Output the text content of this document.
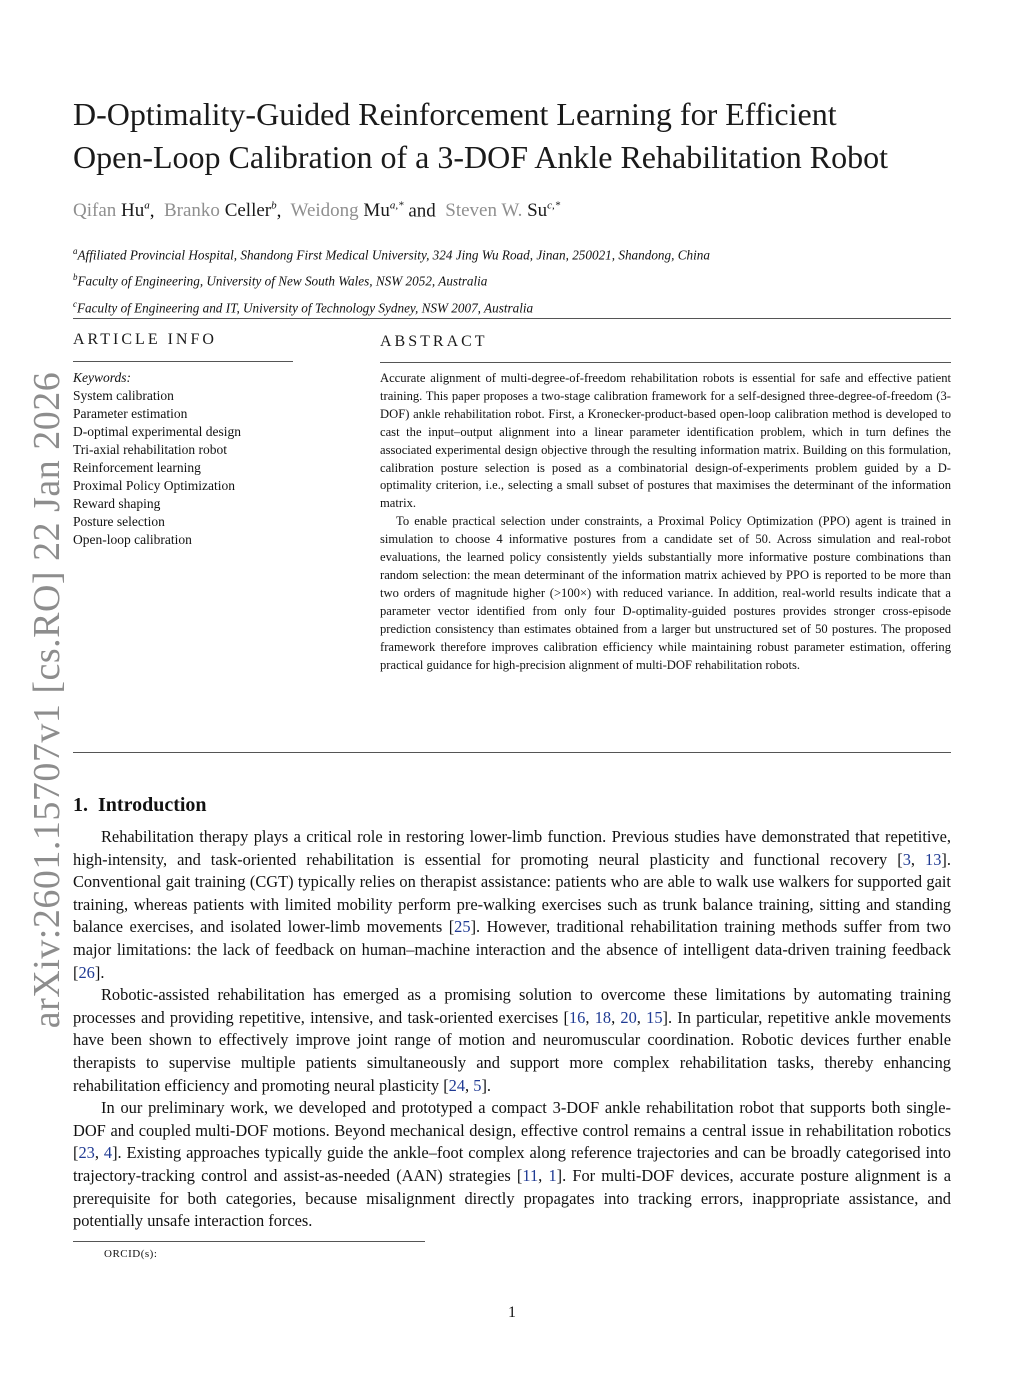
arXiv:2601.15707v1 [cs.RO] 22 Jan 2026
D-Optimality-Guided Reinforcement Learning for Efficient
Open-Loop Calibration of a 3-DOF Ankle Rehabilitation Robot
Qifan Hu$^a$,  Branko Celler$^b$,  Weidong $Mu^{a,*}$ and Steven W. $Su^{c,*}$
$^a$Affiliated Provincial Hospital, Shandong First Medical University, 324 Jing Wu Road, Jinan, 250021, Shandong, China
$^b$Faculty of Engineering, University of New South Wales, NSW 2052, Australia
$^c$Faculty of Engineering and IT, University of Technology Sydney, NSW 2007, Australia
ARTICLE INFO	ABSTRACT
Keywords:
System calibration
Parameter estimation
D-optimal experimental design
Tri-axial rehabilitation robot
Reinforcement learning
Proximal Policy Optimization
Reward shaping
Posture selection
Open-loop calibration

Accurate alignment of multi-degree-of-freedom rehabilitation robots is essential for safe and effective patient training. This paper proposes a two-stage calibration framework for a self-designed three-degree-of-freedom (3-DOF) ankle rehabilitation robot. First, a Kronecker-product-based open-loop calibration method is developed to cast the input–output alignment into a linear parameter identification problem, which in turn defines the associated experimental design objective through the resulting information matrix. Building on this formulation, calibration posture selection is posed as a combinatorial design-of-experiments problem guided by a D-optimality criterion, i.e., selecting a small subset of postures that maximises the determinant of the information matrix.

To enable practical selection under constraints, a Proximal Policy Optimization (PPO) agent is trained in simulation to choose 4 informative postures from a candidate set of 50. Across simulation and real-robot evaluations, the learned policy consistently yields substantially more informative posture combinations than random selection: the mean determinant of the information matrix achieved by PPO is reported to be more than two orders of magnitude higher (>100×) with reduced variance. In addition, real-world results indicate that a parameter vector identified from only four D-optimality-guided postures provides stronger cross-episode prediction consistency than estimates obtained from a larger but unstructured set of 50 postures. The proposed framework therefore improves calibration efficiency while maintaining robust parameter estimation, offering practical guidance for high-precision alignment of multi-DOF rehabilitation robots.

1. Introduction

Rehabilitation therapy plays a critical role in restoring lower-limb function. Previous studies have demonstrated that repetitive, high-intensity, and task-oriented rehabilitation is essential for promoting neural plasticity and functional recovery [3, 13]. Conventional gait training (CGT) typically relies on therapist assistance: patients who are able to walk use walkers for supported gait training, whereas patients with limited mobility perform pre-walking exercises such as trunk balance training, sitting and standing balance exercises, and isolated lower-limb movements [25]. However, traditional rehabilitation training methods suffer from two major limitations: the lack of feedback on human–machine interaction and the absence of intelligent data-driven training feedback [26].

Robotic-assisted rehabilitation has emerged as a promising solution to overcome these limitations by automating training processes and providing repetitive, intensive, and task-oriented exercises [16, 18, 20, 15]. In particular, repetitive ankle movements have been shown to effectively improve joint range of motion and neuromuscular coordination. Robotic devices further enable therapists to supervise multiple patients simultaneously and support more complex rehabilitation tasks, thereby enhancing rehabilitation efficiency and promoting neural plasticity [24, 5].

In our preliminary work, we developed and prototyped a compact 3-DOF ankle rehabilitation robot that supports both single-DOF and coupled multi-DOF motions. Beyond mechanical design, effective control remains a central issue in rehabilitation robotics [23, 4]. Existing approaches typically guide the ankle–foot complex along reference trajectories and can be broadly categorised into trajectory-tracking control and assist-as-needed (AAN) strategies [11, 1]. For multi-DOF devices, accurate posture alignment is a prerequisite for both categories, because misalignment directly propagates into tracking errors, inappropriate assistance, and potentially unsafe interaction forces.

ORCID(s):
1
